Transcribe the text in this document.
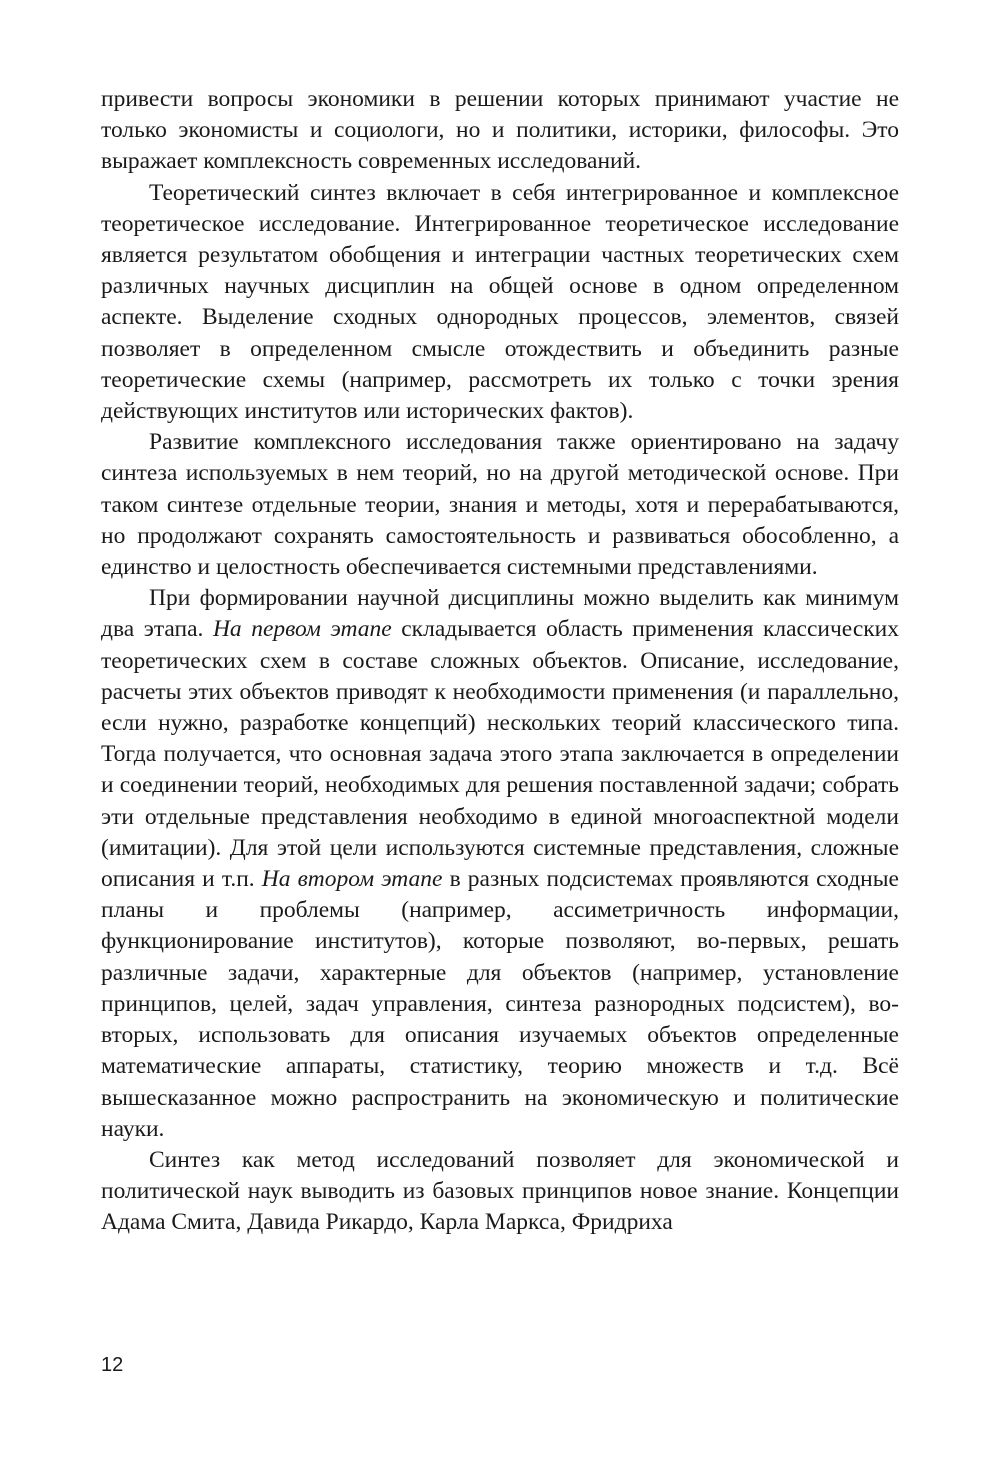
привести вопросы экономики в решении которых принимают участие не только экономисты и социологи, но и политики, историки, философы. Это выражает комплексность современных исследований.

Теоретический синтез включает в себя интегрированное и комплексное теоретическое исследование. Интегрированное теоретическое исследование является результатом обобщения и интеграции частных теоретических схем различных научных дисциплин на общей основе в одном определенном аспекте. Выделение сходных однородных процессов, элементов, связей позволяет в определенном смысле отождествить и объединить разные теоретические схемы (например, рассмотреть их только с точки зрения действующих институтов или исторических фактов).

Развитие комплексного исследования также ориентировано на задачу синтеза используемых в нем теорий, но на другой методической основе. При таком синтезе отдельные теории, знания и методы, хотя и перерабатываются, но продолжают сохранять самостоятельность и развиваться обособленно, а единство и целостность обеспечивается системными представлениями.

При формировании научной дисциплины можно выделить как минимум два этапа. На первом этапе складывается область применения классических теоретических схем в составе сложных объектов. Описание, исследование, расчеты этих объектов приводят к необходимости применения (и параллельно, если нужно, разработке концепций) нескольких теорий классического типа. Тогда получается, что основная задача этого этапа заключается в определении и соединении теорий, необходимых для решения поставленной задачи; собрать эти отдельные представления необходимо в единой многоаспектной модели (имитации). Для этой цели используются системные представления, сложные описания и т.п. На втором этапе в разных подсистемах проявляются сходные планы и проблемы (например, ассиметричность информации, функционирование институтов), которые позволяют, во-первых, решать различные задачи, характерные для объектов (например, установление принципов, целей, задач управления, синтеза разнородных подсистем), во-вторых, использовать для описания изучаемых объектов определенные математические аппараты, статистику, теорию множеств и т.д. Всё вышесказанное можно распространить на экономическую и политические науки.

Синтез как метод исследований позволяет для экономической и политической наук выводить из базовых принципов новое знание. Концепции Адама Смита, Давида Рикардо, Карла Маркса, Фридриха

12
